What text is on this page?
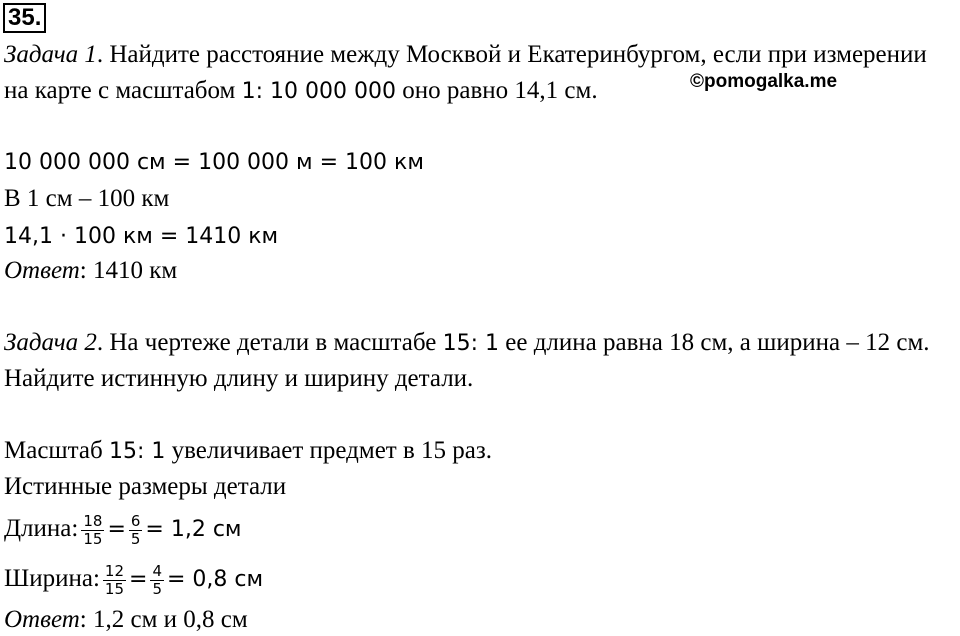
35.
©pomogalka.me
Задача 1. Найдите расстояние между Москвой и Екатеринбургом, если при измерении
на карте с масштабом 1: 10 000 000 оно равно 14,1 см.
10 000 000 см = 100 000 м = 100 км
В 1 см – 100 км
14,1 · 100 км = 1410 км
Ответ: 1410 км
Задача 2. На чертеже детали в масштабе 15: 1 ее длина равна 18 см, а ширина – 12 см.
Найдите истинную длину и ширину детали.
Масштаб 15: 1 увеличивает предмет в 15 раз.
Истинные размеры детали
Длина: $\frac{18}{15} = \frac{6}{5} = 1,2$ см
Ширина: $\frac{12}{15} = \frac{4}{5} = 0,8$ см
Ответ: 1,2 см и 0,8 см
